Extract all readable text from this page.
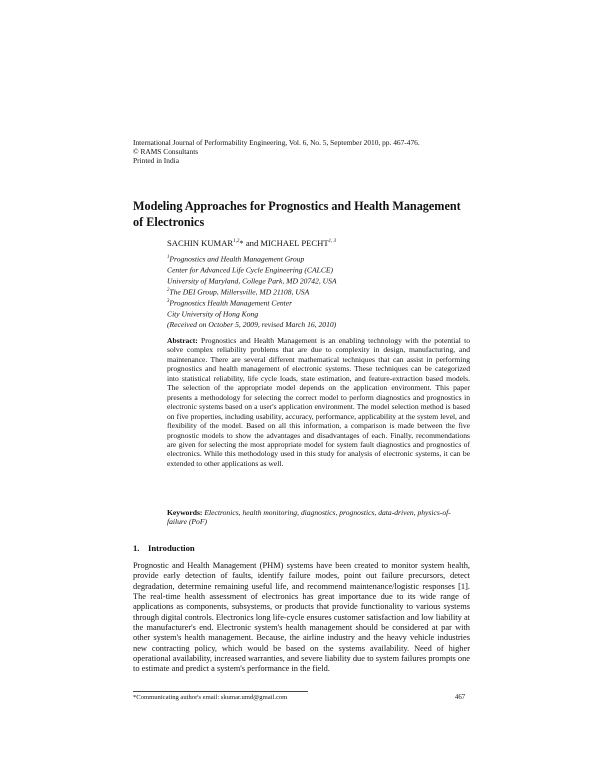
International Journal of Performability Engineering, Vol. 6, No. 5, September 2010, pp. 467-476.
© RAMS Consultants
Printed in India
Modeling Approaches for Prognostics and Health Management of Electronics
SACHIN KUMAR$^{1,2}$* and MICHAEL PECHT$^{1, 3}$
$^1$Prognostics and Health Management Group
Center for Advanced Life Cycle Engineering (CALCE)
University of Maryland, College Park, MD 20742, USA
$^2$The DEI Group, Millersville, MD 21108, USA
$^3$Prognostics Health Management Center
City University of Hong Kong
(Received on October 5, 2009, revised March 16, 2010)
Abstract: Prognostics and Health Management is an enabling technology with the potential to solve complex reliability problems that are due to complexity in design, manufacturing, and maintenance. There are several different mathematical techniques that can assist in performing prognostics and health management of electronic systems. These techniques can be categorized into statistical reliability, life cycle loads, state estimation, and feature-extraction based models. The selection of the appropriate model depends on the application environment. This paper presents a methodology for selecting the correct model to perform diagnostics and prognostics in electronic systems based on a user's application environment. The model selection method is based on five properties, including usability, accuracy, performance, applicability at the system level, and flexibility of the model. Based on all this information, a comparison is made between the five prognostic models to show the advantages and disadvantages of each. Finally, recommendations are given for selecting the most appropriate model for system fault diagnostics and prognostics of electronics. While this methodology used in this study for analysis of electronic systems, it can be extended to other applications as well.
Keywords: Electronics, health monitoring, diagnostics, prognostics, data-driven, physics-of-failure (PoF)
1. Introduction
Prognostic and Health Management (PHM) systems have been created to monitor system health, provide early detection of faults, identify failure modes, point out failure precursors, detect degradation, determine remaining useful life, and recommend maintenance/logistic responses [1]. The real-time health assessment of electronics has great importance due to its wide range of applications as components, subsystems, or products that provide functionality to various systems through digital controls. Electronics long life-cycle ensures customer satisfaction and low liability at the manufacturer's end. Electronic system's health management should be considered at par with other system's health management. Because, the airline industry and the heavy vehicle industries new contracting policy, which would be based on the systems availability. Need of higher operational availability, increased warranties, and severe liability due to system failures prompts one to estimate and predict a system's performance in the field.
*Communicating author's email: skumar.umd@gmail.com	467
